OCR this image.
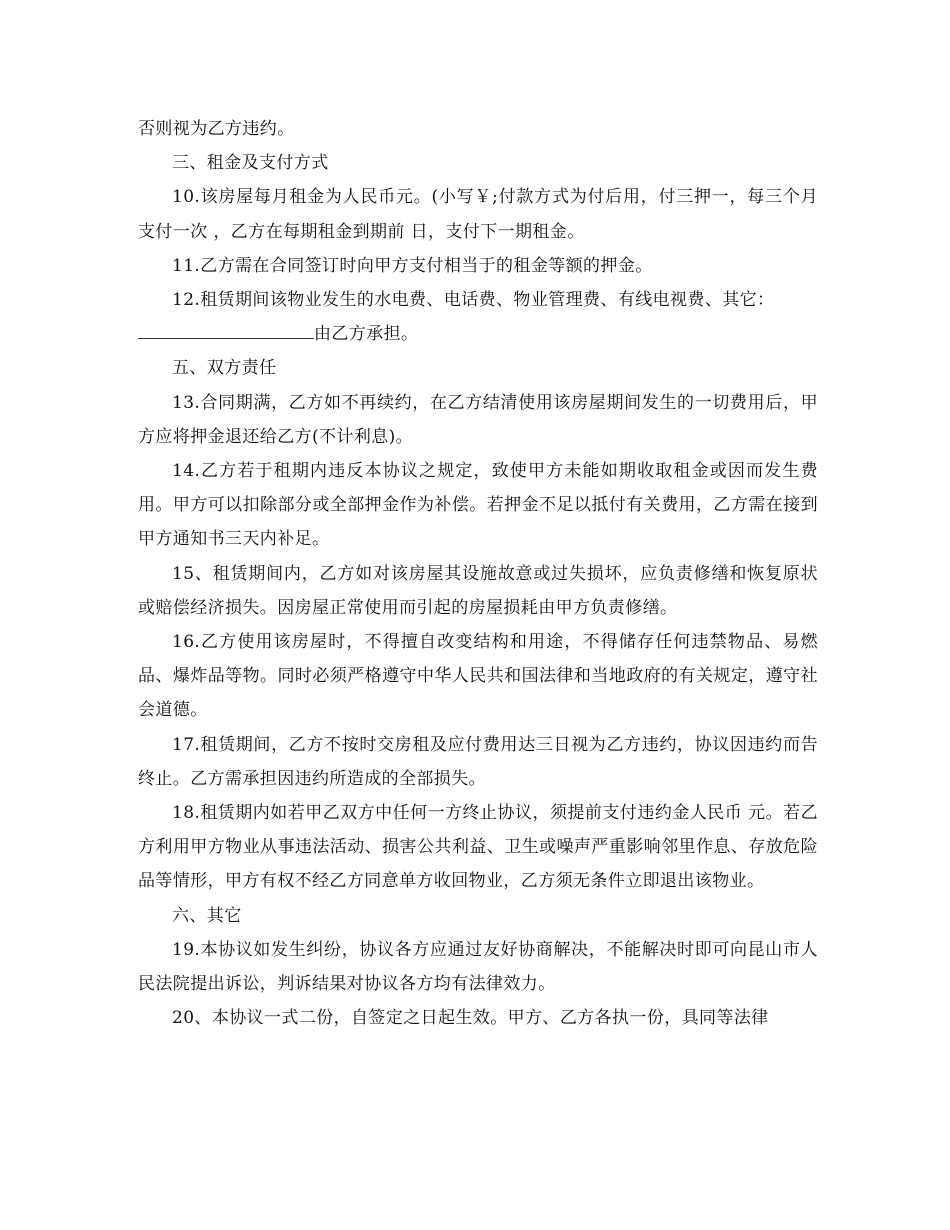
否则视为乙方违约。

三、租金及支付方式

10.该房屋每月租金为人民币元。(小写￥;付款方式为付后用，付三押一，每三个月支付一次 ，乙方在每期租金到期前 日，支付下一期租金。

11.乙方需在合同签订时向甲方支付相当于的租金等额的押金。

12.租赁期间该物业发生的水电费、电话费、物业管理费、有线电视费、其它：
由乙方承担。

五、双方责任

13.合同期满，乙方如不再续约，在乙方结清使用该房屋期间发生的一切费用后，甲方应将押金退还给乙方(不计利息)。

14.乙方若于租期内违反本协议之规定，致使甲方未能如期收取租金或因而发生费用。甲方可以扣除部分或全部押金作为补偿。若押金不足以抵付有关费用，乙方需在接到甲方通知书三天内补足。

15、租赁期间内，乙方如对该房屋其设施故意或过失损坏，应负责修缮和恢复原状或赔偿经济损失。因房屋正常使用而引起的房屋损耗由甲方负责修缮。

16.乙方使用该房屋时，不得擅自改变结构和用途，不得储存任何违禁物品、易燃品、爆炸品等物。同时必须严格遵守中华人民共和国法律和当地政府的有关规定，遵守社会道德。

17.租赁期间，乙方不按时交房租及应付费用达三日视为乙方违约，协议因违约而告终止。乙方需承担因违约所造成的全部损失。

18.租赁期内如若甲乙双方中任何一方终止协议，须提前支付违约金人民币 元。若乙方利用甲方物业从事违法活动、损害公共利益、卫生或噪声严重影响邻里作息、存放危险品等情形，甲方有权不经乙方同意单方收回物业，乙方须无条件立即退出该物业。

六、其它

19.本协议如发生纠纷，协议各方应通过友好协商解决，不能解决时即可向昆山市人民法院提出诉讼，判诉结果对协议各方均有法律效力。

20、本协议一式二份，自签定之日起生效。甲方、乙方各执一份，具同等法律
